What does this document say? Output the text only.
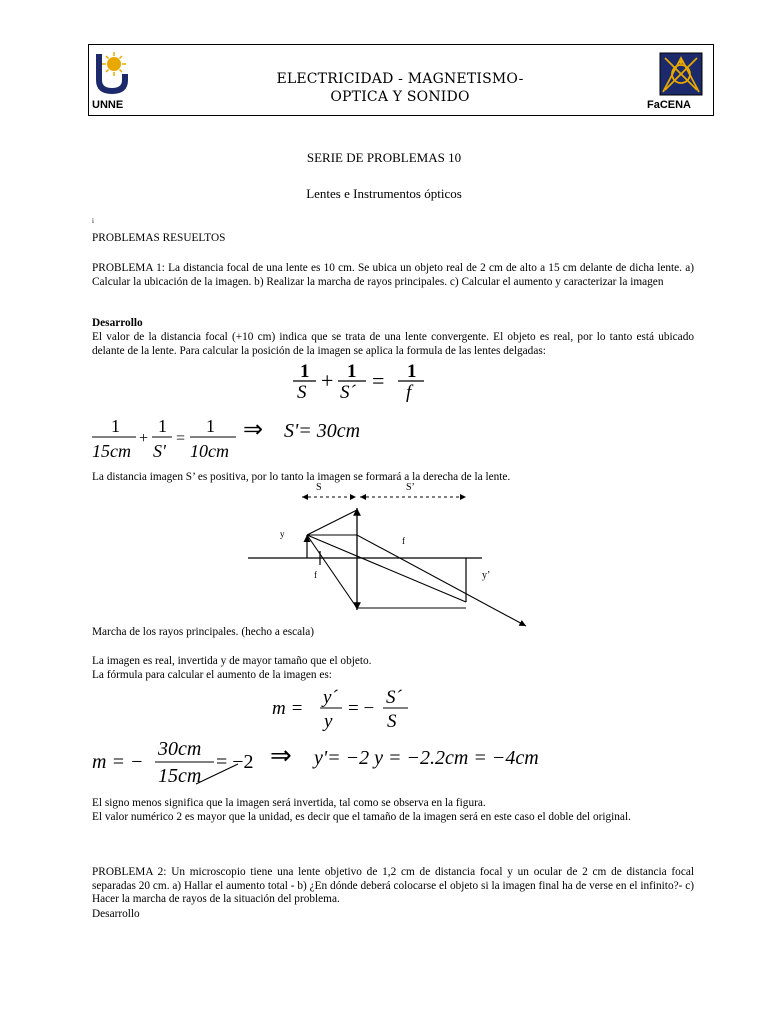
UNNE
ELECTRICIDAD - MAGNETISMO-
OPTICA Y SONIDO	FaCENA
SERIE DE PROBLEMAS 10
Lentes e Instrumentos ópticos
i
PROBLEMAS RESUELTOS
PROBLEMA 1: La distancia focal de una lente es 10 cm. Se ubica un objeto real de 2 cm de alto a 15 cm delante de dicha lente. a) Calcular la ubicación de la imagen. b) Realizar la marcha de rayos principales. c) Calcular el aumento y caracterizar la imagen
Desarrollo
El valor de la distancia focal (+10 cm) indica que se trata de una lente convergente. El objeto es real, por lo tanto está ubicado delante de la lente. Para calcular la posición de la imagen se aplica la formula de las lentes delgadas:
1
S + 1
S´ = 1
f
1
15cm
+
1
S'
=
1
10cm
⇒ S'= 30cm
La distancia imagen S’ es positiva, por lo tanto la imagen se formará a la derecha de la lente.
S	S’
y
f
f	y’
Marcha de los rayos principales. (hecho a escala)
La imagen es real, invertida y de mayor tamaño que el objeto.
La fórmula para calcular el aumento de la imagen es:
m =
y´
y
= −
S´
S
m = −
30cm
15cm
= −2 ⇒ y'= −2 y = −2.2cm = −4cm
El signo menos significa que la imagen será invertida, tal como se observa en la figura.
El valor numérico 2 es mayor que la unidad, es decir que el tamaño de la imagen será en este caso el doble del original.
PROBLEMA 2: Un microscopio tiene una lente objetivo de 1,2 cm de distancia focal y un ocular de 2 cm de distancia focal separadas 20 cm. a) Hallar el aumento total - b) ¿En dónde deberá colocarse el objeto si la imagen final ha de verse en el infinito?- c) Hacer la marcha de rayos de la situación del problema.
Desarrollo
